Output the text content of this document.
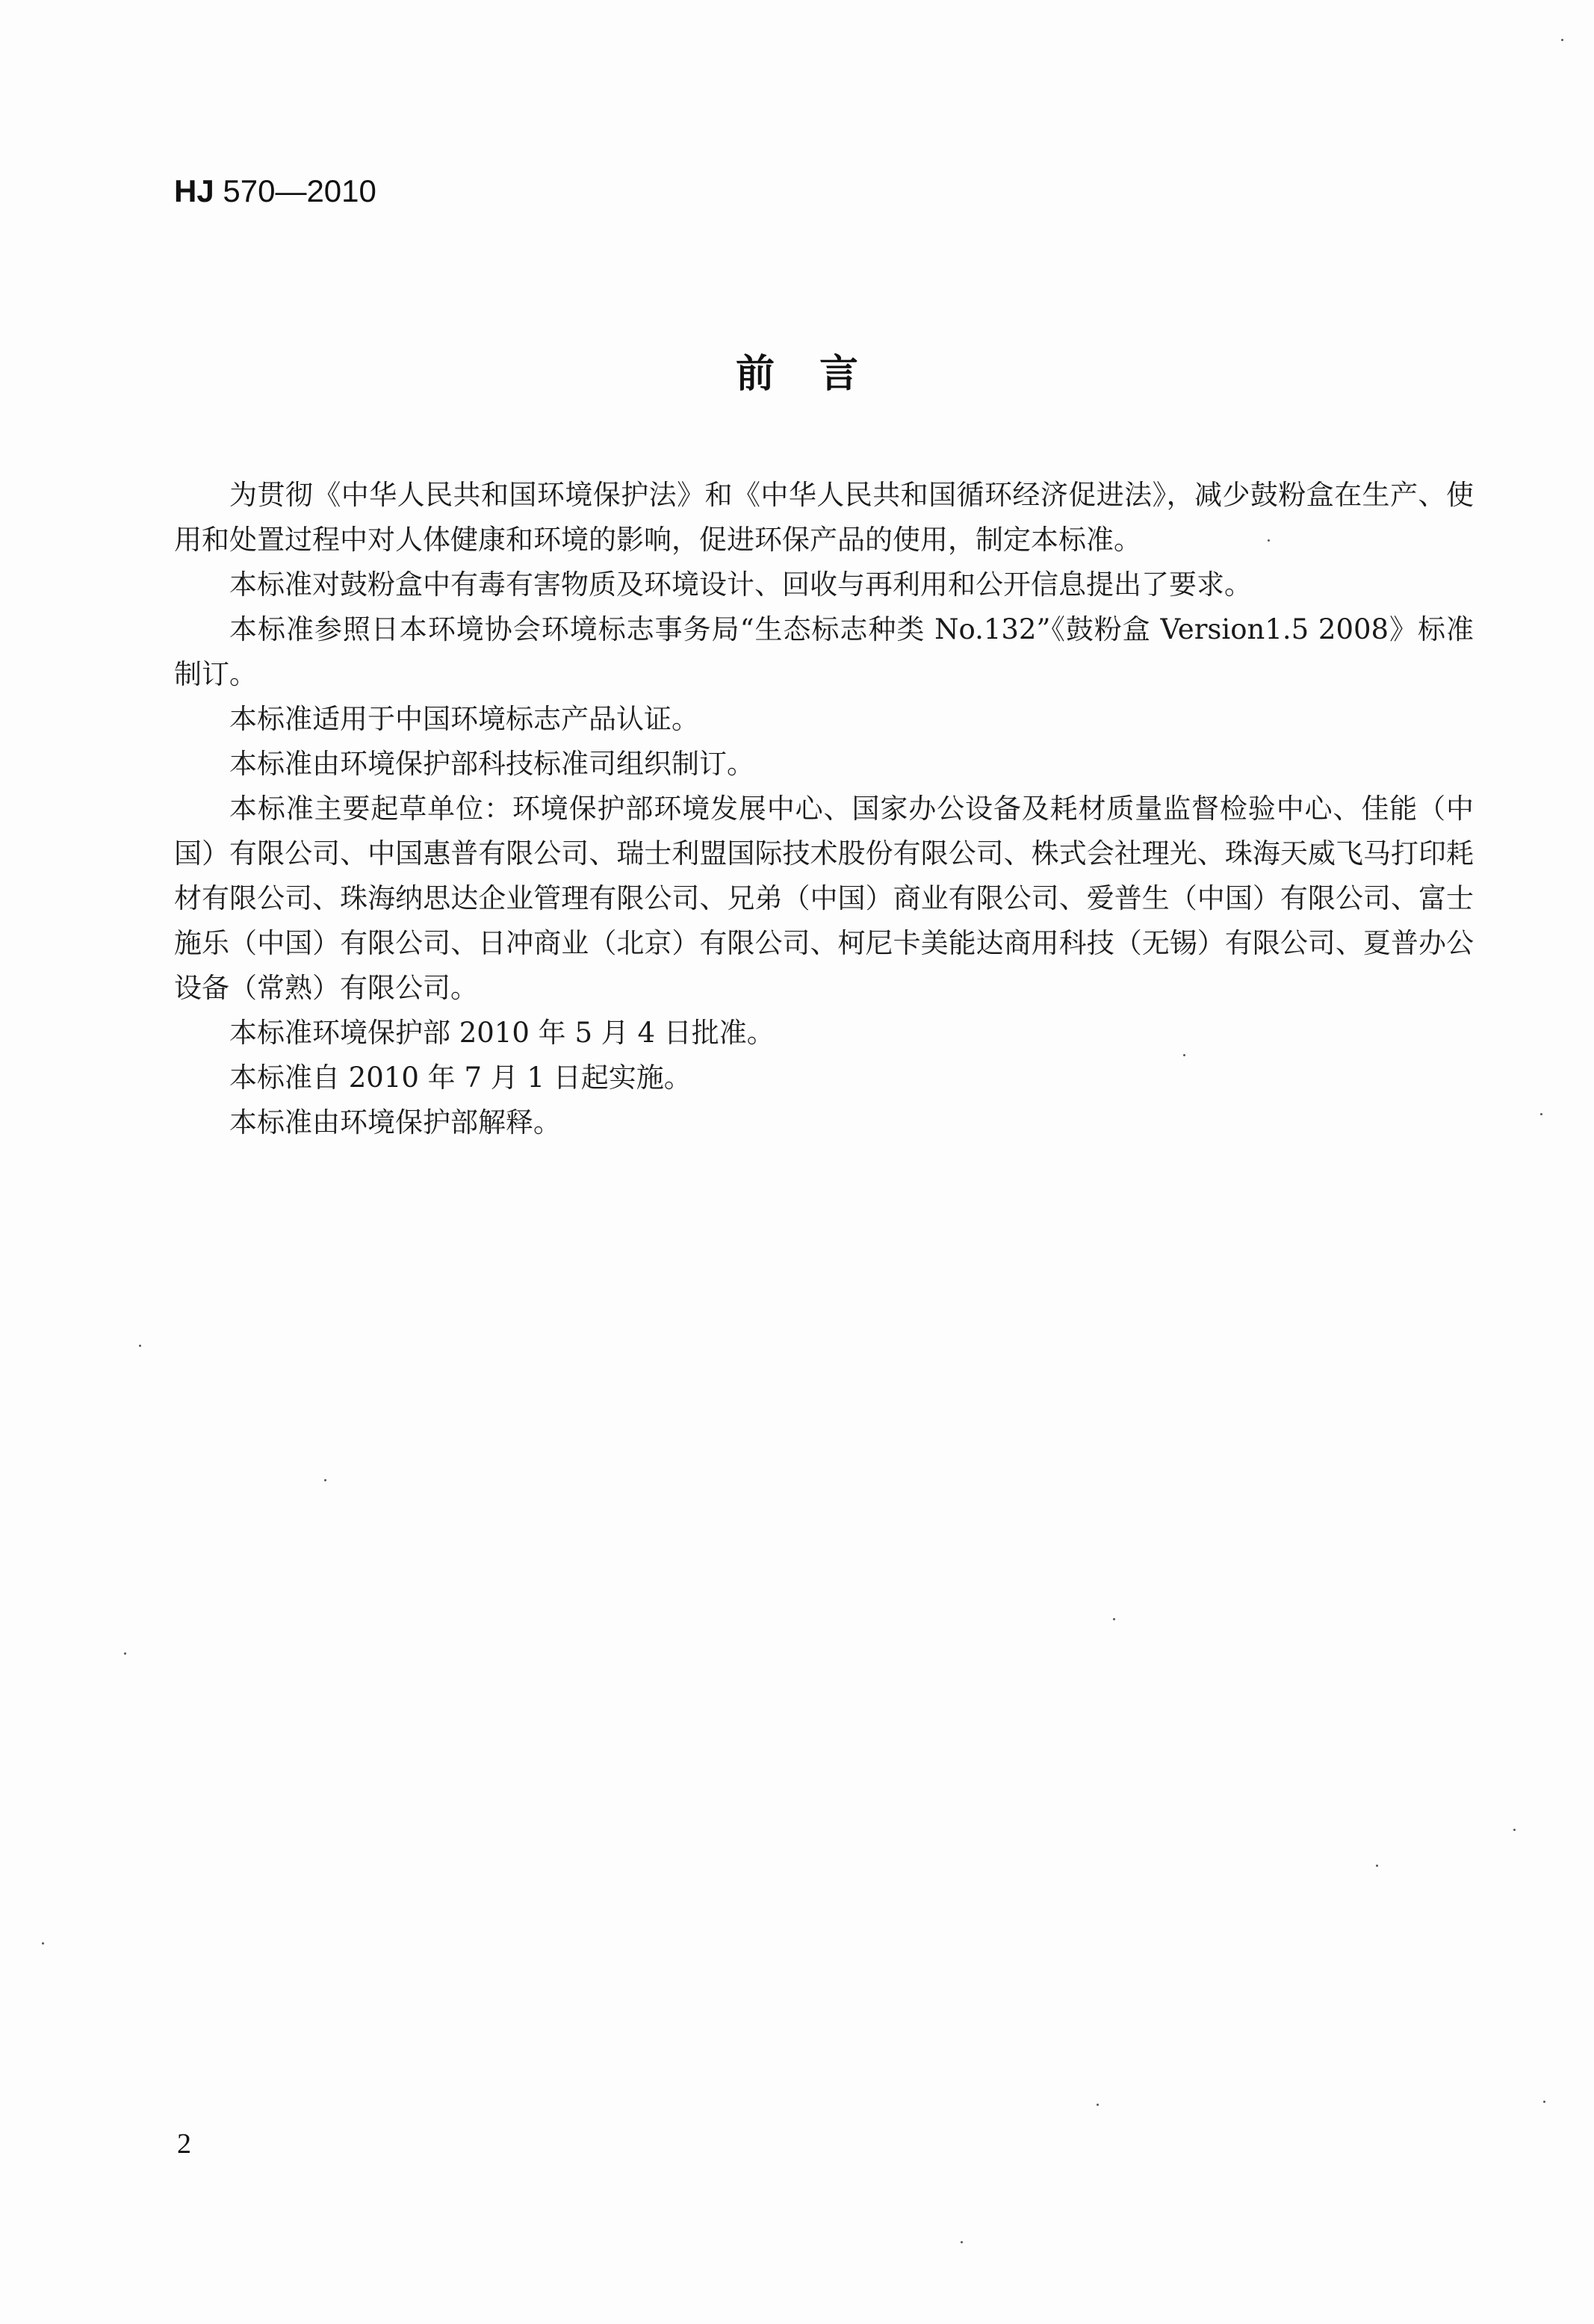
HJ 570—2010
前言

为贯彻《中华人民共和国环境保护法》和《中华人民共和国循环经济促进法》，减少鼓粉盒在生产、使用和处置过程中对人体健康和环境的影响，促进环保产品的使用，制定本标准。

本标准对鼓粉盒中有毒有害物质及环境设计、回收与再利用和公开信息提出了要求。

本标准参照日本环境协会环境标志事务局“生态标志种类 No.132”《鼓粉盒 Version1.5 2008》标准制订。

本标准适用于中国环境标志产品认证。

本标准由环境保护部科技标准司组织制订。

本标准主要起草单位：环境保护部环境发展中心、国家办公设备及耗材质量监督检验中心、佳能（中国）有限公司、中国惠普有限公司、瑞士利盟国际技术股份有限公司、株式会社理光、珠海天威飞马打印耗材有限公司、珠海纳思达企业管理有限公司、兄弟（中国）商业有限公司、爱普生（中国）有限公司、富士施乐（中国）有限公司、日冲商业（北京）有限公司、柯尼卡美能达商用科技（无锡）有限公司、夏普办公设备（常熟）有限公司。

本标准环境保护部 2010 年 5 月 4 日批准。

本标准自 2010 年 7 月 1 日起实施。

本标准由环境保护部解释。

2
